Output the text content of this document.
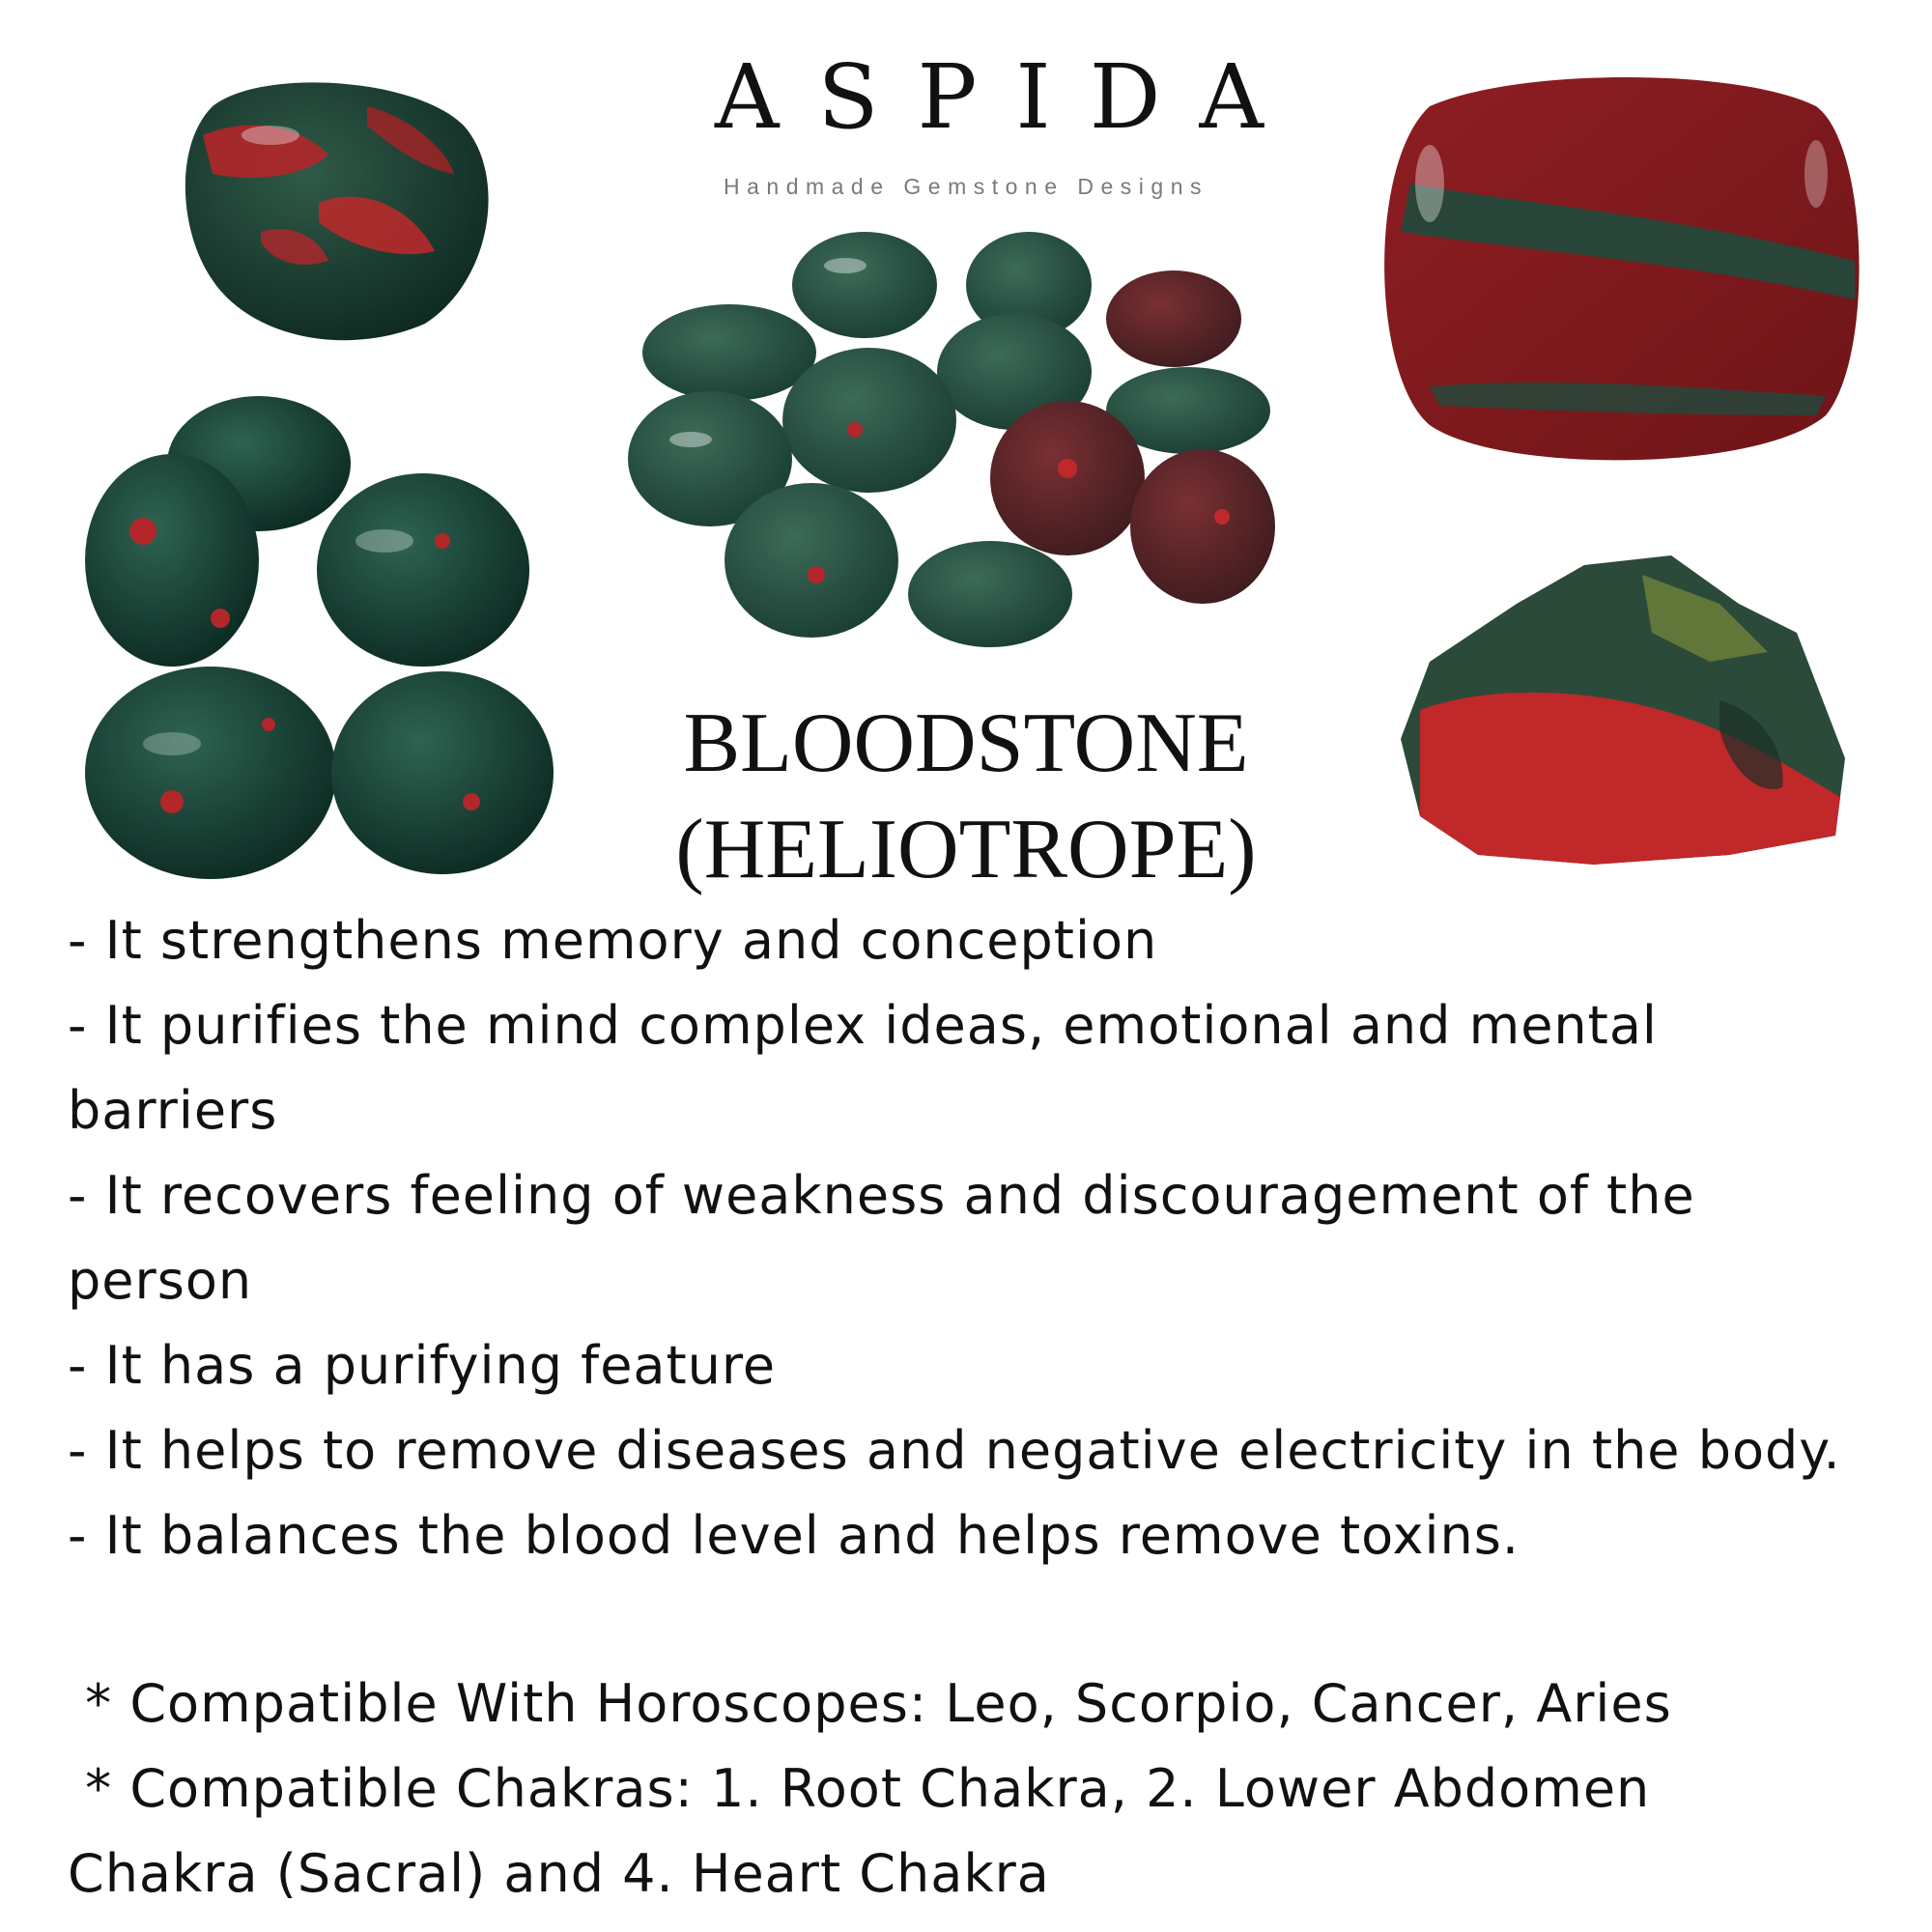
ASPIDA
Handmade Gemstone Designs
BLOODSTONE
(HELIOTROPE)
- It strengthens memory and conception
- It purifies the mind complex ideas, emotional and mental
barriers
- It recovers feeling of weakness and discouragement of the
person
- It has a purifying feature
- It helps to remove diseases and negative electricity in the body.
- It balances the blood level and helps remove toxins.
* Compatible With Horoscopes: Leo, Scorpio, Cancer, Aries
* Compatible Chakras: 1. Root Chakra, 2. Lower Abdomen
Chakra (Sacral) and 4. Heart Chakra
